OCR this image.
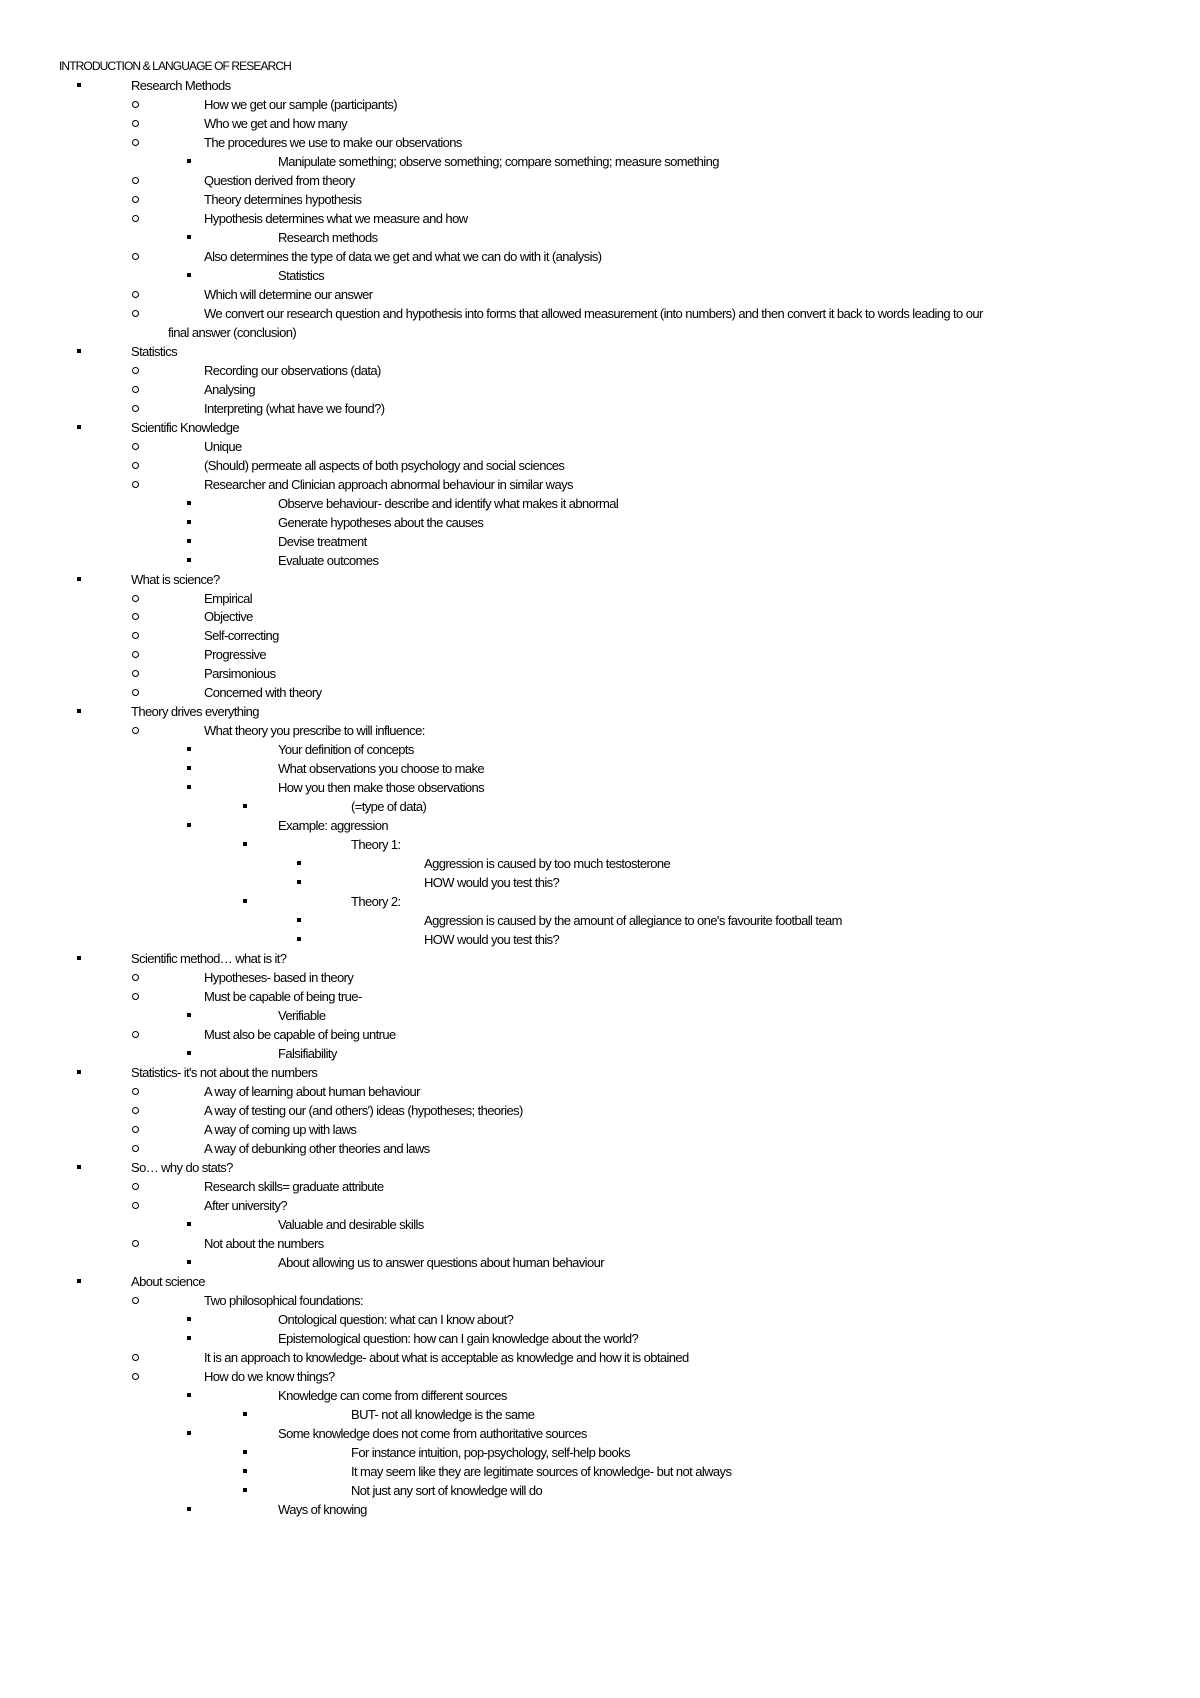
INTRODUCTION & LANGUAGE OF RESEARCH
Research Methods
How we get our sample (participants)
Who we get and how many
The procedures we use to make our observations
Manipulate something; observe something; compare something; measure something
Question derived from theory
Theory determines hypothesis
Hypothesis determines what we measure and how
Research methods
Also determines the type of data we get and what we can do with it (analysis)
Statistics
Which will determine our answer
We convert our research question and hypothesis into forms that allowed measurement (into numbers) and then convert it back to words leading to our
final answer (conclusion)
Statistics
Recording our observations (data)
Analysing
Interpreting (what have we found?)
Scientific Knowledge
Unique
(Should) permeate all aspects of both psychology and social sciences
Researcher and Clinician approach abnormal behaviour in similar ways
Observe behaviour- describe and identify what makes it abnormal
Generate hypotheses about the causes
Devise treatment
Evaluate outcomes
What is science?
Empirical
Objective
Self-correcting
Progressive
Parsimonious
Concerned with theory
Theory drives everything
What theory you prescribe to will influence:
Your definition of concepts
What observations you choose to make
How you then make those observations
(=type of data)
Example: aggression
Theory 1:
Aggression is caused by too much testosterone
HOW would you test this?
Theory 2:
Aggression is caused by the amount of allegiance to one's favourite football team
HOW would you test this?
Scientific method… what is it?
Hypotheses- based in theory
Must be capable of being true-
Verifiable
Must also be capable of being untrue
Falsifiability
Statistics- it's not about the numbers
A way of learning about human behaviour
A way of testing our (and others') ideas (hypotheses; theories)
A way of coming up with laws
A way of debunking other theories and laws
So… why do stats?
Research skills= graduate attribute
After university?
Valuable and desirable skills
Not about the numbers
About allowing us to answer questions about human behaviour
About science
Two philosophical foundations:
Ontological question: what can I know about?
Epistemological question: how can I gain knowledge about the world?
It is an approach to knowledge- about what is acceptable as knowledge and how it is obtained
How do we know things?
Knowledge can come from different sources
BUT- not all knowledge is the same
Some knowledge does not come from authoritative sources
For instance intuition, pop-psychology, self-help books
It may seem like they are legitimate sources of knowledge- but not always
Not just any sort of knowledge will do
Ways of knowing
